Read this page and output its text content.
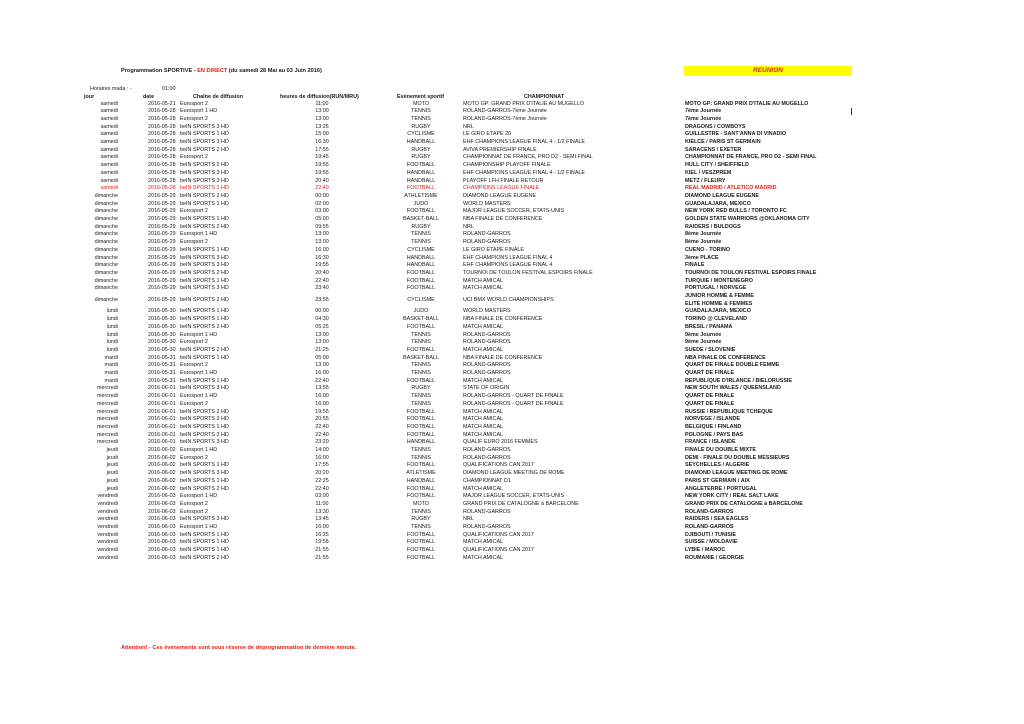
Programmation SPORTIVE - EN DIRECT (du samedi 28 Mai au 03 Juin 2016)	REUNION
Horaires mada : -	01:00
jour	date	Chaîne de diffusion	heures de diffusion(RUN/MRU)	Evènement sportif	CHAMPIONNAT
samedi	2016-05-21 Eurosport 2	11:00	MOTO	MOTO GP: GRAND PRIX D'ITALIE AU MUGELLO	MOTO GP: GRAND PRIX D'ITALIE AU MUGELLO
samedi	2016-05-28 Eurosport 1 HD	13:00	TENNIS	ROLAND-GARROS-7ème Journée	7ème Journée
samedi	2016-05-28 Eurosport 2	13:00	TENNIS	ROLAND-GARROS-7ème Journée	7ème Journée
samedi	2016-05-28 beIN SPORTS 3 HD	13:25	RUGBY	NRL	DRAGONS / COWBOYS
samedi	2016-05-28 beIN SPORTS 1 HD	15:00	CYCLISME	LE GIRO ETAPE 20	GUILLESTRE - SANT'ANNA DI VINADIO
samedi	2016-05-28 beIN SPORTS 3 HD	16:30	HANDBALL	EHF CHAMPIONS LEAGUE FINAL 4 - 1/2 FINALE	KIELCE / PARIS ST GERMAIN
samedi	2016-05-28 beIN SPORTS 2 HD	17:55	RUGBY	AVIVA PREMIERSHIP FINALE	SARACENS / EXETER
samedi	2016-05-28 Eurosport 2	19:45	RUGBY	CHAMPIONNAT DE FRANCE, PRO D2 - SEMI FINAL	CHAMPIONNAT DE FRANCE, PRO D2 - SEMI FINAL
samedi	2016-05-28 beIN SPORTS 2 HD	19:55	FOOTBALL	CHAMPIONSHIP PLAYOFF FINALE	HULL CITY / SHEIFFIELD
samedi	2016-05-28 beIN SPORTS 3 HD	19:55	HANDBALL	EHF CHAMPIONS LEAGUE FINAL 4 - 1/2 FINALE	KIEL / VESZPREM
samedi	2016-05-28 beIN SPORTS 3 HD	20:40	HANDBALL	PLAYOFF LFH FINALE RETOUR	METZ / FLEURY
samedi	2016-05-28 beIN SPORTS 1 HD	22:40	FOOTBALL	CHAMPIONS LEAGUE FINALE	REAL MADRID / ATLETICO MADRID
dimanche	2016-05-29 beIN SPORTS 2 HD	00:00	ATHLETISME	DIAMOND LEAGUE EUGENE	DIAMOND LEAGUE EUGENE
dimanche	2016-05-29 beIN SPORTS 1 HD	02:00	JUDO	WORLD MASTERS	GUADALAJARA, MEXICO
dimanche	2016-05-29 Eurosport 2	03:00	FOOTBALL	MAJOR LEAGUE SOCCER, ETATS-UNIS	NEW YORK RED BULLS / TORONTO FC
dimanche	2016-05-29 beIN SPORTS 1 HD	05:00	BASKET-BALL	NBA FINALE DE CONFERENCE	GOLDEN STATE WARRIORS @OKLAHOMA CITY
dimanche	2016-05-29 beIN SPORTS 2 HD	09:55	RUGBY	NRL	RAIDERS / BULDOGS
dimanche	2016-05-29 Eurosport 1 HD	13:00	TENNIS	ROLAND-GARROS	8ème Journée
dimanche	2016-05-29 Eurosport 2	13:00	TENNIS	ROLAND-GARROS	8ème Journée
dimanche	2016-05-29 beIN SPORTS 1 HD	16:00	CYCLISME	LE GIRO ETAPE FINALE	CUENO - TORINO
dimanche	2016-05-29 beIN SPORTS 3 HD	16:30	HANDBALL	EHF CHAMPIONS LEAGUE FINAL 4	3ème PLACE
dimanche	2016-05-29 beIN SPORTS 3 HD	19:55	HANDBALL	EHF CHAMPIONS LEAGUE FINAL 4	FINALE
dimanche	2016-05-29 beIN SPORTS 2 HD	20:40	FOOTBALL	TOURNOI DE TOULON FESTIVAL ESPOIRS FINALE	TOURNOI DE TOULON FESTIVAL ESPOIRS FINALE
dimanche	2016-05-29 beIN SPORTS 1 HD	22:40	FOOTBALL	MATCH AMICAL	TURQUIE / MONTENEGRO
dimanche	2016-05-29 beIN SPORTS 3 HD	23:40	FOOTBALL	MATCH AMICAL	PORTUGAL / NORVEGE
dimanche	2016-05-29 beIN SPORTS 2 HD	23:55	CYCLISME	UCI BMX WORLD CHAMPIONSHIPS
JUNIOR HOMME & FEMME
ELITE HOMME & FEMMES
lundi	2016-05-30 beIN SPORTS 1 HD	00:00	JUDO	WORLD MASTERS	GUADALAJARA, MEXICO
lundi	2016-05-30 beIN SPORTS 1 HD	04:30	BASKET-BALL	NBA FINALE DE CONFERENCE	TORINO @ CLEVELAND
lundi	2016-05-30 beIN SPORTS 2 HD	05:25	FOOTBALL	MATCH AMICAL	BRESIL / PANAMA
lundi	2016-05-30 Eurosport 1 HD	13:00	TENNIS	ROLAND-GARROS	9ème Journée
lundi	2016-05-30 Eurosport 2	13:00	TENNIS	ROLAND-GARROS	9ème Journée
lundi	2016-05-30 beIN SPORTS 2 HD	21:25	FOOTBALL	MATCH AMICAL	SUEDE / SLOVENIE
mardi	2016-05-31 beIN SPORTS 1 HD	05:00	BASKET-BALL	NBA FINALE DE CONFERENCE	NBA FINALE DE CONFERENCE
mardi	2016-05-31 Eurosport 2	13:00	TENNIS	ROLAND-GARROS	QUART DE FINALE DOUBLE FEMME
mardi	2016-05-31 Eurosport 1 HD	16:00	TENNIS	ROLAND-GARROS	QUART DE FINALE
mardi	2016-05-31 beIN SPORTS 1 HD	22:40	FOOTBALL	MATCH AMICAL	REPUBLIQUE D'IRLANCE / BIELORUSSIE
mercredi	2016-06-01 beIN SPORTS 3 HD	13:55	RUGBY	STATE OF ORIGIN	NEW SOUTH WALES / QUEENSLAND
mercredi	2016-06-01 Eurosport 1 HD	16:00	TENNIS	ROLAND-GARROS - QUART DE FINALE	QUART DE FINALE
mercredi	2016-06-01 Eurosport 2	16:00	TENNIS	ROLAND-GARROS - QUART DE FINALE	QUART DE FINALE
mercredi	2016-06-01 beIN SPORTS 2 HD	19:55	FOOTBALL	MATCH AMICAL	RUSSIE / REPUBLIQUE TCHEQUE
mercredi	2016-06-01 beIN SPORTS 3 HD	20:55	FOOTBALL	MATCH AMICAL	NORVEGE / ISLANDE
mercredi	2016-06-01 beIN SPORTS 1 HD	22:40	FOOTBALL	MATCH AMICAL	BELGIQUE / FINLAND
mercredi	2016-06-01 beIN SPORTS 2 HD	22:40	FOOTBALL	MATCH AMICAL	POLOGNE / PAYS BAS
mercredi	2016-06-01 beIN SPORTS 3 HD	23:20	HANDBALL	QUALIF EURO 2016 FEMMES	FRANCE / ISLANDE
jeudi	2016-06-02 Eurosport 1 HD	14:00	TENNIS	ROLAND-GARROS	FINALE DU DOUBLE MIXTE
jeudi	2016-06-02 Eurosport 2	16:00	TENNIS	ROLAND-GARROS	DEMI - FINALE DU DOUBLE MESSIEURS
jeudi	2016-06-02 beIN SPORTS 1 HD	17:55	FOOTBALL	QUALIFICATIONS CAN 2017	SEYCHELLES / ALGERIE
jeudi	2016-06-02 beIN SPORTS 3 HD	20:20	ATLETISME	DIAMOND LEAGUE MEETING DE ROME	DIAMOND LEAGUE MEETING DE ROME
jeudi	2016-06-02 beIN SPORTS 1 HD	22:25	HANDBALL	CHAMPIONNAT D1	PARIS ST GERMAIN / AIX
jeudi	2016-06-02 beIN SPORTS 2 HD	22:40	FOOTBALL	MATCH AMICAL	ANGLETERRE / PORTUGAL
vendredi	2016-06-03 Eurosport 1 HD	03:00	FOOTBALL	MAJOR LEAGUE SOCCER, ETATS-UNIS	NEW YORK CITY / REAL SALT LAKE
vendredi	2016-06-03 Eurosport 2	11:00	MOTO	GRAND PRIX DE CATALOGNE à BARCELONE	GRAND PRIX DE CATALOGNE à BARCELONE
vendredi	2016-06-03 Eurosport 2	13:30	TENNIS	ROLAND-GARROS	ROLAND-GARROS
vendredi	2016-06-03 beIN SPORTS 3 HD	13:45	RUGBY	NRL	RAIDERS / SEA EAGLES
vendredi	2016-06-03 Eurosport 1 HD	16:00	TENNIS	ROLAND-GARROS	ROLAND-GARROS
vendredi	2016-06-03 beIN SPORTS 1 HD	16:25	FOOTBALL	QUALIFICATIONS CAN 2017	DJIBOUTI / TUNISIE
vendredi	2016-06-03 beIN SPORTS 1 HD	19:55	FOOTBALL	MATCH AMICAL	SUISSE / MOLDAVIE
vendredi	2016-06-03 beIN SPORTS 1 HD	21:55	FOOTBALL	QUALIFICATIONS CAN 2017	LYBIE / MAROC
vendredi	2016-06-03 beIN SPORTS 2 HD	21:55	FOOTBALL	MATCH AMICAL	ROUMANIE / GEORGIE
Attention! - Ces évènements sont sous réserve de déprogrammation de dernière minute.
